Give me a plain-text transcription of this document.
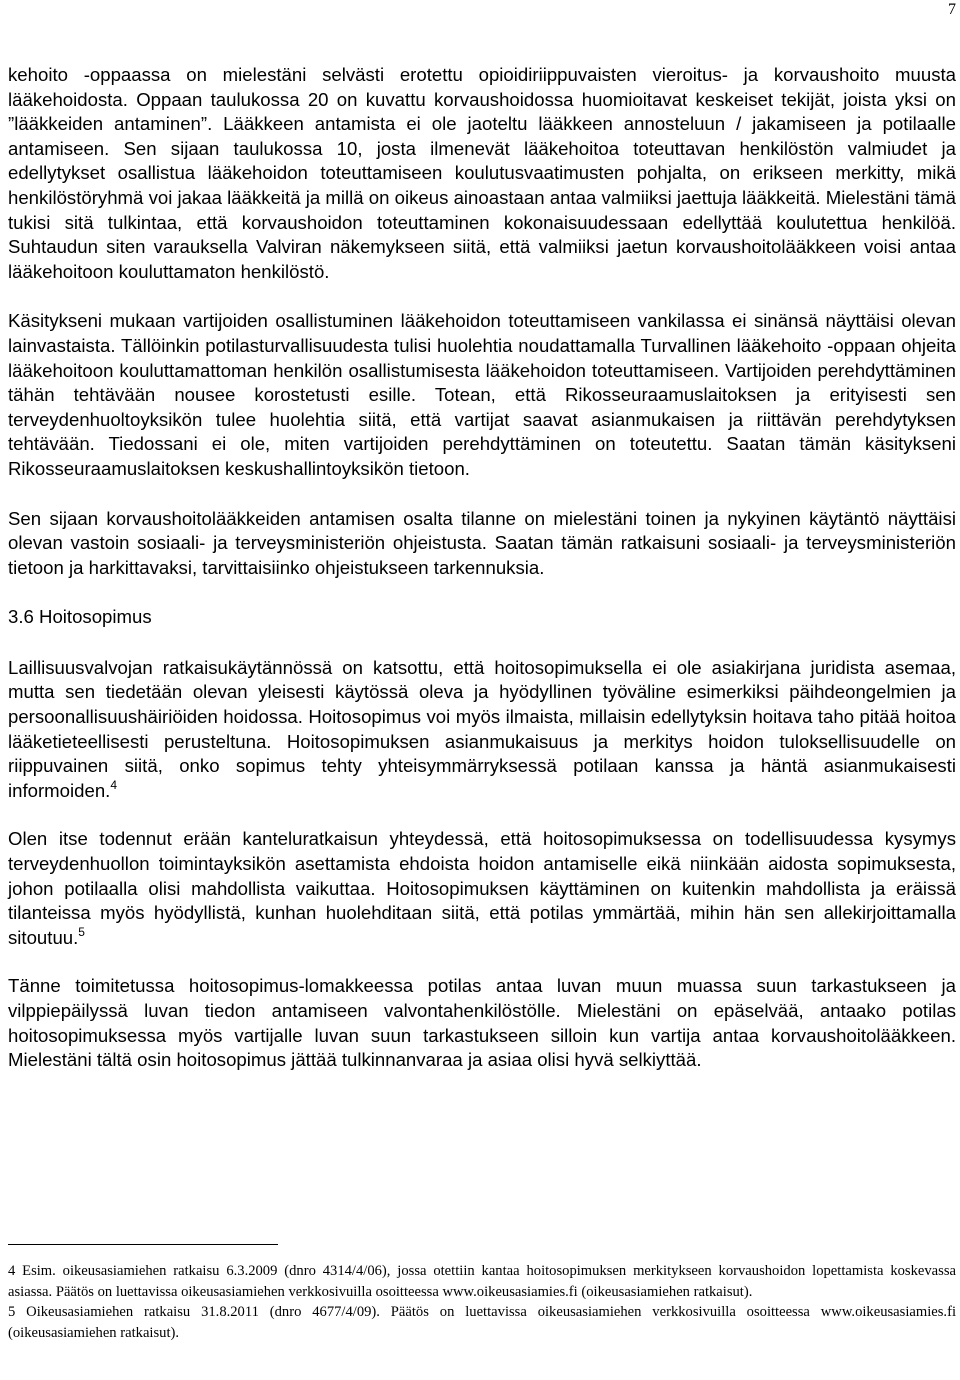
7

kehoito -oppaassa on mielestäni selvästi erotettu opioidiriippuvaisten vieroitus- ja korvaushoito muusta lääkehoidosta. Oppaan taulukossa 20 on kuvattu korvaushoidossa huomioitavat keskeiset tekijät, joista yksi on ”lääkkeiden antaminen”. Lääkkeen antamista ei ole jaoteltu lääkkeen annosteluun / jakamiseen ja potilaalle antamiseen. Sen sijaan taulukossa 10, josta ilmenevät lääkehoitoa toteuttavan henkilöstön valmiudet ja edellytykset osallistua lääkehoidon toteuttamiseen koulutusvaatimusten pohjalta, on erikseen merkitty, mikä henkilöstöryhmä voi jakaa lääkkeitä ja millä on oikeus ainoastaan antaa valmiiksi jaettuja lääkkeitä. Mielestäni tämä tukisi sitä tulkintaa, että korvaushoidon toteuttaminen kokonaisuudessaan edellyttää koulutettua henkilöä. Suhtaudun siten varauksella Valviran näkemykseen siitä, että valmiiksi jaetun korvaushoitolääkkeen voisi antaa lääkehoitoon kouluttamaton henkilöstö.

Käsitykseni mukaan vartijoiden osallistuminen lääkehoidon toteuttamiseen vankilassa ei sinänsä näyttäisi olevan lainvastaista. Tällöinkin potilasturvallisuudesta tulisi huolehtia noudattamalla Turvallinen lääkehoito -oppaan ohjeita lääkehoitoon kouluttamattoman henkilön osallistumisesta lääkehoidon toteuttamiseen. Vartijoiden perehdyttäminen tähän tehtävään nousee korostetusti esille. Totean, että Rikosseuraamuslaitoksen ja erityisesti sen terveydenhuoltoyksikön tulee huolehtia siitä, että vartijat saavat asianmukaisen ja riittävän perehdytyksen tehtävään. Tiedossani ei ole, miten vartijoiden perehdyttäminen on toteutettu. Saatan tämän käsitykseni Rikosseuraamuslaitoksen keskushallintoyksikön tietoon.

Sen sijaan korvaushoitolääkkeiden antamisen osalta tilanne on mielestäni toinen ja nykyinen käytäntö näyttäisi olevan vastoin sosiaali- ja terveysministeriön ohjeistusta. Saatan tämän ratkaisuni sosiaali- ja terveysministeriön tietoon ja harkittavaksi, tarvittaisiinko ohjeistukseen tarkennuksia.

3.6 Hoitosopimus

Laillisuusvalvojan ratkaisukäytännössä on katsottu, että hoitosopimuksella ei ole asiakirjana juridista asemaa, mutta sen tiedetään olevan yleisesti käytössä oleva ja hyödyllinen työväline esimerkiksi päihdeongelmien ja persoonallisuushäiriöiden hoidossa. Hoitosopimus voi myös ilmaista, millaisin edellytyksin hoitava taho pitää hoitoa lääketieteellisesti perusteltuna. Hoitosopimuksen asianmukaisuus ja merkitys hoidon tuloksellisuudelle on riippuvainen siitä, onko sopimus tehty yhteisymmärryksessä potilaan kanssa ja häntä asianmukaisesti informoiden.$^4$

Olen itse todennut erään kanteluratkaisun yhteydessä, että hoitosopimuksessa on todellisuudessa kysymys terveydenhuollon toimintayksikön asettamista ehdoista hoidon antamiselle eikä niinkään aidosta sopimuksesta, johon potilaalla olisi mahdollista vaikuttaa. Hoitosopimuksen käyttäminen on kuitenkin mahdollista ja eräissä tilanteissa myös hyödyllistä, kunhan huolehditaan siitä, että potilas ymmärtää, mihin hän sen allekirjoittamalla sitoutuu.$^5$

Tänne toimitetussa hoitosopimus-lomakkeessa potilas antaa luvan muun muassa suun tarkastukseen ja vilppiepäilyssä luvan tiedon antamiseen valvontahenkilöstölle. Mielestäni on epäselvää, antaako potilas hoitosopimuksessa myös vartijalle luvan suun tarkastukseen silloin kun vartija antaa korvaushoitolääkkeen. Mielestäni tältä osin hoitosopimus jättää tulkinnanvaraa ja asiaa olisi hyvä selkiyttää.

4 Esim. oikeusasiamiehen ratkaisu 6.3.2009 (dnro 4314/4/06), jossa otettiin kantaa hoitosopimuksen merkitykseen korvaushoidon lopettamista koskevassa asiassa. Päätös on luettavissa oikeusasiamiehen verkkosivuilla osoitteessa www.oikeusasiamies.fi (oikeusasiamiehen ratkaisut).

5 Oikeusasiamiehen ratkaisu 31.8.2011 (dnro 4677/4/09). Päätös on luettavissa oikeusasiamiehen verkkosivuilla osoitteessa www.oikeusasiamies.fi (oikeusasiamiehen ratkaisut).
